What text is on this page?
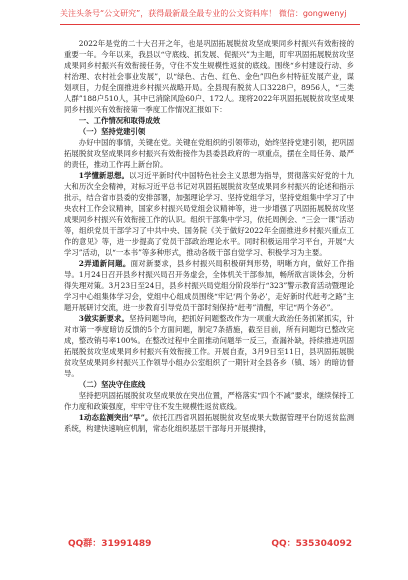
关注头条号“公文研究”，获得最新最全最专业的公文资料库！ 微信：gongwenyj

2022年是党的二十大召开之年，也是巩固拓展脱贫攻坚成果同乡村振兴有效衔接的重要一年。今年以来，我县以“守底线、抓发展、促振兴”为主题，盯牢巩固拓展脱贫攻坚成果同乡村振兴有效衔接任务，守住不发生规模性返贫的底线。围绕“乡村建设行动、乡村治理、农村社会事业发展”，以“绿色、古色、红色、金色”四色乡村特征发展产业，谋划项目，力促全面推进乡村振兴战略开局。全县现有脱贫人口3228户，8956人，“三类人群”188户510人，其中已消除风险60户、172人。现将2022年巩固拓展脱贫攻坚成果同乡村振兴有效衔接第一季度工作情况汇报如下：

一、工作情况和取得成效

（一）坚持党建引领

办好中国的事情，关键在党。关键在党组织的引领带动，始终坚持党建引领，把巩固拓展脱贫攻坚成果同乡村振兴有效衔接作为县委县政府的一项重点，摆在全局任务、最严的责任，推动工作再上新台阶。

1学懂新思想。以习近平新时代中国特色社会主义思想为指导，贯彻落实好党的十九大和历次全会精神，对标习近平总书记对巩固拓展脱贫攻坚成果同乡村振兴的论述和指示批示，结合省市县委的安排部署，加强理论学习、坚持党组学习，坚持党组集中学习了中央农村工作会议精神，国家乡村振兴局党组会议精神等，进一步增强了巩固拓展脱贫攻坚成果同乡村振兴有效衔接工作的认识。组织干部集中学习，依托周例会、“三会一课”活动等，组织党员干部学习了中共中央、国务院《关于做好2022年全面推进乡村振兴重点工作的意见》等，进一步提高了党员干部政治理论水平。同时积极运用学习平台，开展“大学习”活动，以“一本书”等多种形式，推动各级干部自觉学习、积极学习为主要。

2弄通新问题。面对新要求，县乡村振兴局积极研判形势，明晰方向，做好工作指导。1月24日召开县乡村振兴局召开务虚会，全体机关干部参加，畅所欲言谈体会，分析得失理对策。3月23日至24日，县乡村振兴局党组分阶段举行“323”警示教育活动暨理论学习中心组集体学习会，党组中心组成员围绕“牢记‘两个务必’，走好新时代赶考之路”主题开展研讨交流，进一步教育引导党员干部时刻保持“赶考”清醒，牢记“两个务必”。

3做实新要求。坚持问题导向，把抓好问题整改作为一项重大政治任务抓紧抓实，针对市第一季度暗访反馈的5个方面问题，制定7条措施，截至目前，所有问题均已整改完成，整改销号率100%。在整改过程中全面推动问题举一反三，查漏补缺，持续推进巩固拓展脱贫攻坚成果同乡村振兴有效衔接工作。开展自查，3月9日至11日，县巩固拓展脱贫攻坚成果同乡村振兴工作领导小组办公室组织了一期针对全县各乡（镇、场）的暗访督导。

（二）坚决守住底线

坚持把巩固拓展脱贫攻坚成果放在突出位置，严格落实“四个不减”要求，继续保持工作力度和政策强度，牢牢守住不发生规模性返贫底线。

1动态监测突出“早”。依托江西省巩固拓展脱贫攻坚成果大数据管理平台防返贫监测系统，构建快速响应机制，常态化组织基层干部每月开展摸排，

QQ群：31991489	QQ：535304092
